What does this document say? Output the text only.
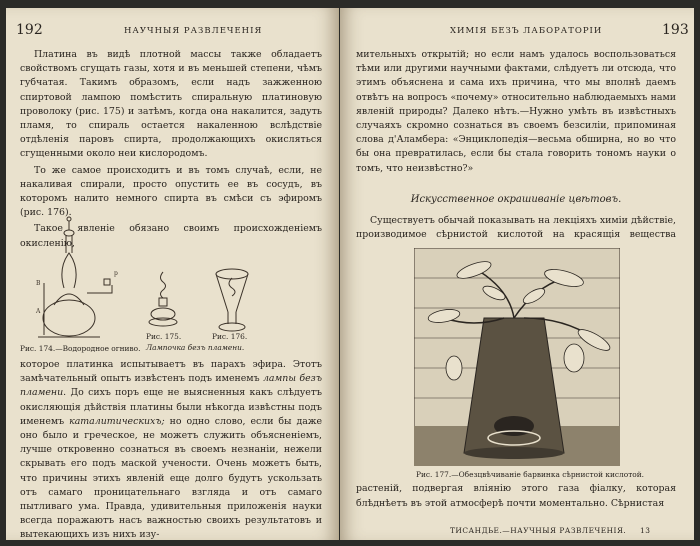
192	НАУЧНЫЯ РАЗВЛЕЧЕНІЯ

Платина въ видѣ плотной массы также обладаетъ свойствомъ сгущать газы, хотя и въ меньшей степени, чѣмъ губчатая. Такимъ образомъ, если надъ зажженною спиртовой лампою помѣстить спиральную платиновую проволоку (рис. 175) и затѣмъ, когда она накалится, задуть пламя, то спираль остается накаленною вслѣдствіе отдѣленія паровъ спирта, продолжающихъ окисляться сгущенными около неи кислородомъ.

То же самое происходитъ и въ томъ случаѣ, если, не накаливая спирали, просто опустить ее въ сосудъ, въ которомъ налито немного спирта въ смѣси съ эфиромъ (рис. 176).

Такое явленіе обязано своимъ происхожденіемъ окисленію,

B
A
p
Рис. 174.—Водородное огниво.
Рис. 175.	Рис. 176.
Лампочка безъ пламени.

которое платинка испытываетъ въ парахъ эфира. Этотъ замѣчательный опытъ извѣстенъ подъ именемъ лампы безъ пламени. До сихъ поръ еще не выясненныя какъ слѣдуетъ окисляющія дѣйствія платины были нѣкогда извѣстны подъ именемъ каталитическихъ; но одно слово, если бы даже оно было и греческое, не можетъ служить объясненіемъ, лучше откровенно сознаться въ своемъ незнаніи, нежели скрывать его подъ маской учености. Очень можетъ быть, что причины этихъ явленій еще долго будутъ ускользать отъ самаго проницательнаго взгляда и отъ самаго пытливаго ума. Правда, удивительныя приложенія науки всегда поражаютъ насъ важностью своихъ результатовъ и вытекающихъ изъ нихъ изу-

ХИМІЯ БЕЗЪ ЛАБОРАТОРІИ	193

мительныхъ открытій; но если намъ удалось воспользоваться тѣми или другими научными фактами, слѣдуетъ ли отсюда, что этимъ объяснена и сама ихъ причина, что мы вполнѣ даемъ отвѣтъ на вопросъ «почему» относительно наблюдаемыхъ нами явленій природы? Далеко нѣтъ.—Нужно умѣть въ извѣстныхъ случаяхъ скромно сознаться въ своемъ безсиліи, припоминая слова д'Аламбера: «Энциклопедія—весьма обширна, но во что бы она превратилась, если бы стала говорить тономъ науки о томъ, что неизвѣстно?»

Искусственное окрашиваніе цвѣтовъ.

Существуетъ обычай показывать на лекціяхъ химіи дѣйствіе, производимое сѣрнистой кислотой на красящія вещества

Рис. 177.—Обезцвѣчиваніе барвинка сѣрнистой кислотой.

растеній, подвергая вліянію этого газа фіалку, которая блѣднѣетъ въ этой атмосферѣ почти моментально. Сѣрнистая

ТИСАНДЬЕ.—НАУЧНЫЯ РАЗВЛЕЧЕНІЯ. 13
